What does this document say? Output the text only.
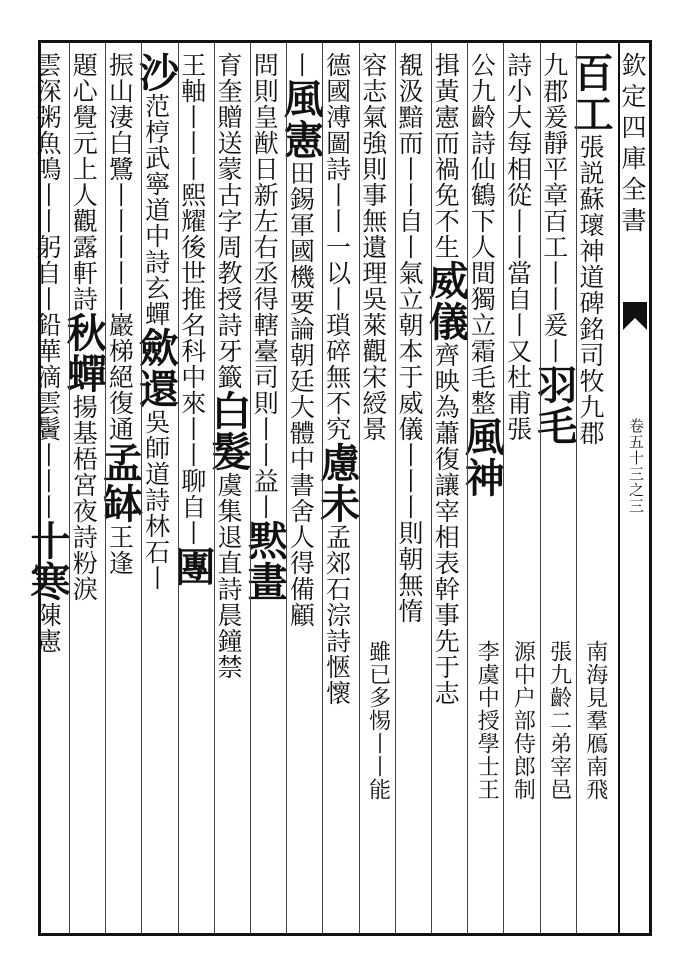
欽定四庫全書
卷五十三之三
百工張説蘇瓌神道碑銘司牧九郡
九郡爰靜平章百工丨丨爰丨羽毛
詩小大每相從丨丨當自丨又杜甫張
公九齡詩仙鶴下人間獨立霜毛整風神
揖黃憲而禍免不生威儀齊映為蕭復讓宰相表幹事先于志
覩汲黯而丨丨自丨氣立朝本于威儀丨丨丨則朝無惰
容志氣強則事無遺理吳萊觀宋綬景
德國溥圖詩丨丨一以丨瑣碎無不究慮未孟郊石淙詩愜懷
丨風憲田錫軍國機要論朝廷大體中書舍人得備顧
問則皇猷日新左右丞得轄臺司則丨丨益丨黙畫
育奎贈送蒙古字周教授詩牙籤白髮虞集退直詩晨鐘禁
王軸丨丨丨熙耀後世推名科中來丨丨聊自丨團
沙范梈武寧道中詩玄蟬歛還吳師道詩林石丨
振山淒白鷺丨丨丨丨丨巖梯絕復通孟缽王逢
題心覺元上人觀露軒詩秋蟬揚基梧宮夜詩粉淚
雲深粥魚鳴丨丨躬自丨鉛華滴雲鬢丨丨丨十寒陳憲
南海見羣鴈南飛
張九齡二弟宰邑
源中户部侍郎制
李虞中授學士王
雖已多惕丨丨能
